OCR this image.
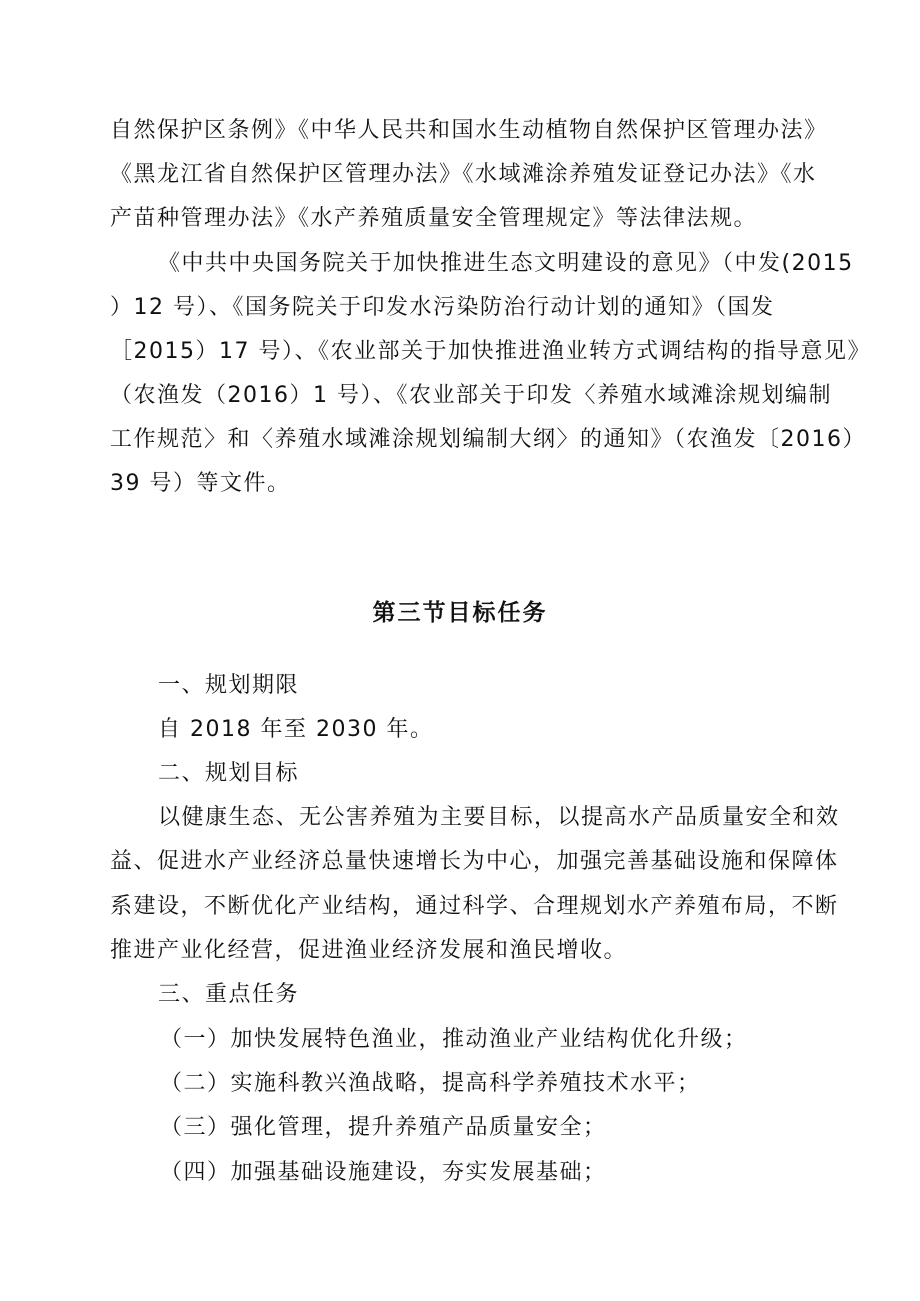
自然保护区条例》《中华人民共和国水生动植物自然保护区管理办法》
《黑龙江省自然保护区管理办法》《水域滩涂养殖发证登记办法》《水
产苗种管理办法》《水产养殖质量安全管理规定》等法律法规。
《中共中央国务院关于加快推进生态文明建设的意见》（中发(2015
）12 号）、《国务院关于印发水污染防治行动计划的通知》（国发
［2015）17 号）、《农业部关于加快推进渔业转方式调结构的指导意见》
（农渔发（2016）1 号）、《农业部关于印发〈养殖水域滩涂规划编制
工作规范〉和〈养殖水域滩涂规划编制大纲〉的通知》（农渔发〔2016）
39 号）等文件。
第三节目标任务
一、规划期限
自 2018 年至 2030 年。
二、规划目标
以健康生态、无公害养殖为主要目标，以提高水产品质量安全和效
益、促进水产业经济总量快速增长为中心，加强完善基础设施和保障体
系建设，不断优化产业结构，通过科学、合理规划水产养殖布局，不断
推进产业化经营，促进渔业经济发展和渔民增收。
三、重点任务
（一）加快发展特色渔业，推动渔业产业结构优化升级；
（二）实施科教兴渔战略，提高科学养殖技术水平；
（三）强化管理，提升养殖产品质量安全；
（四）加强基础设施建设，夯实发展基础；
